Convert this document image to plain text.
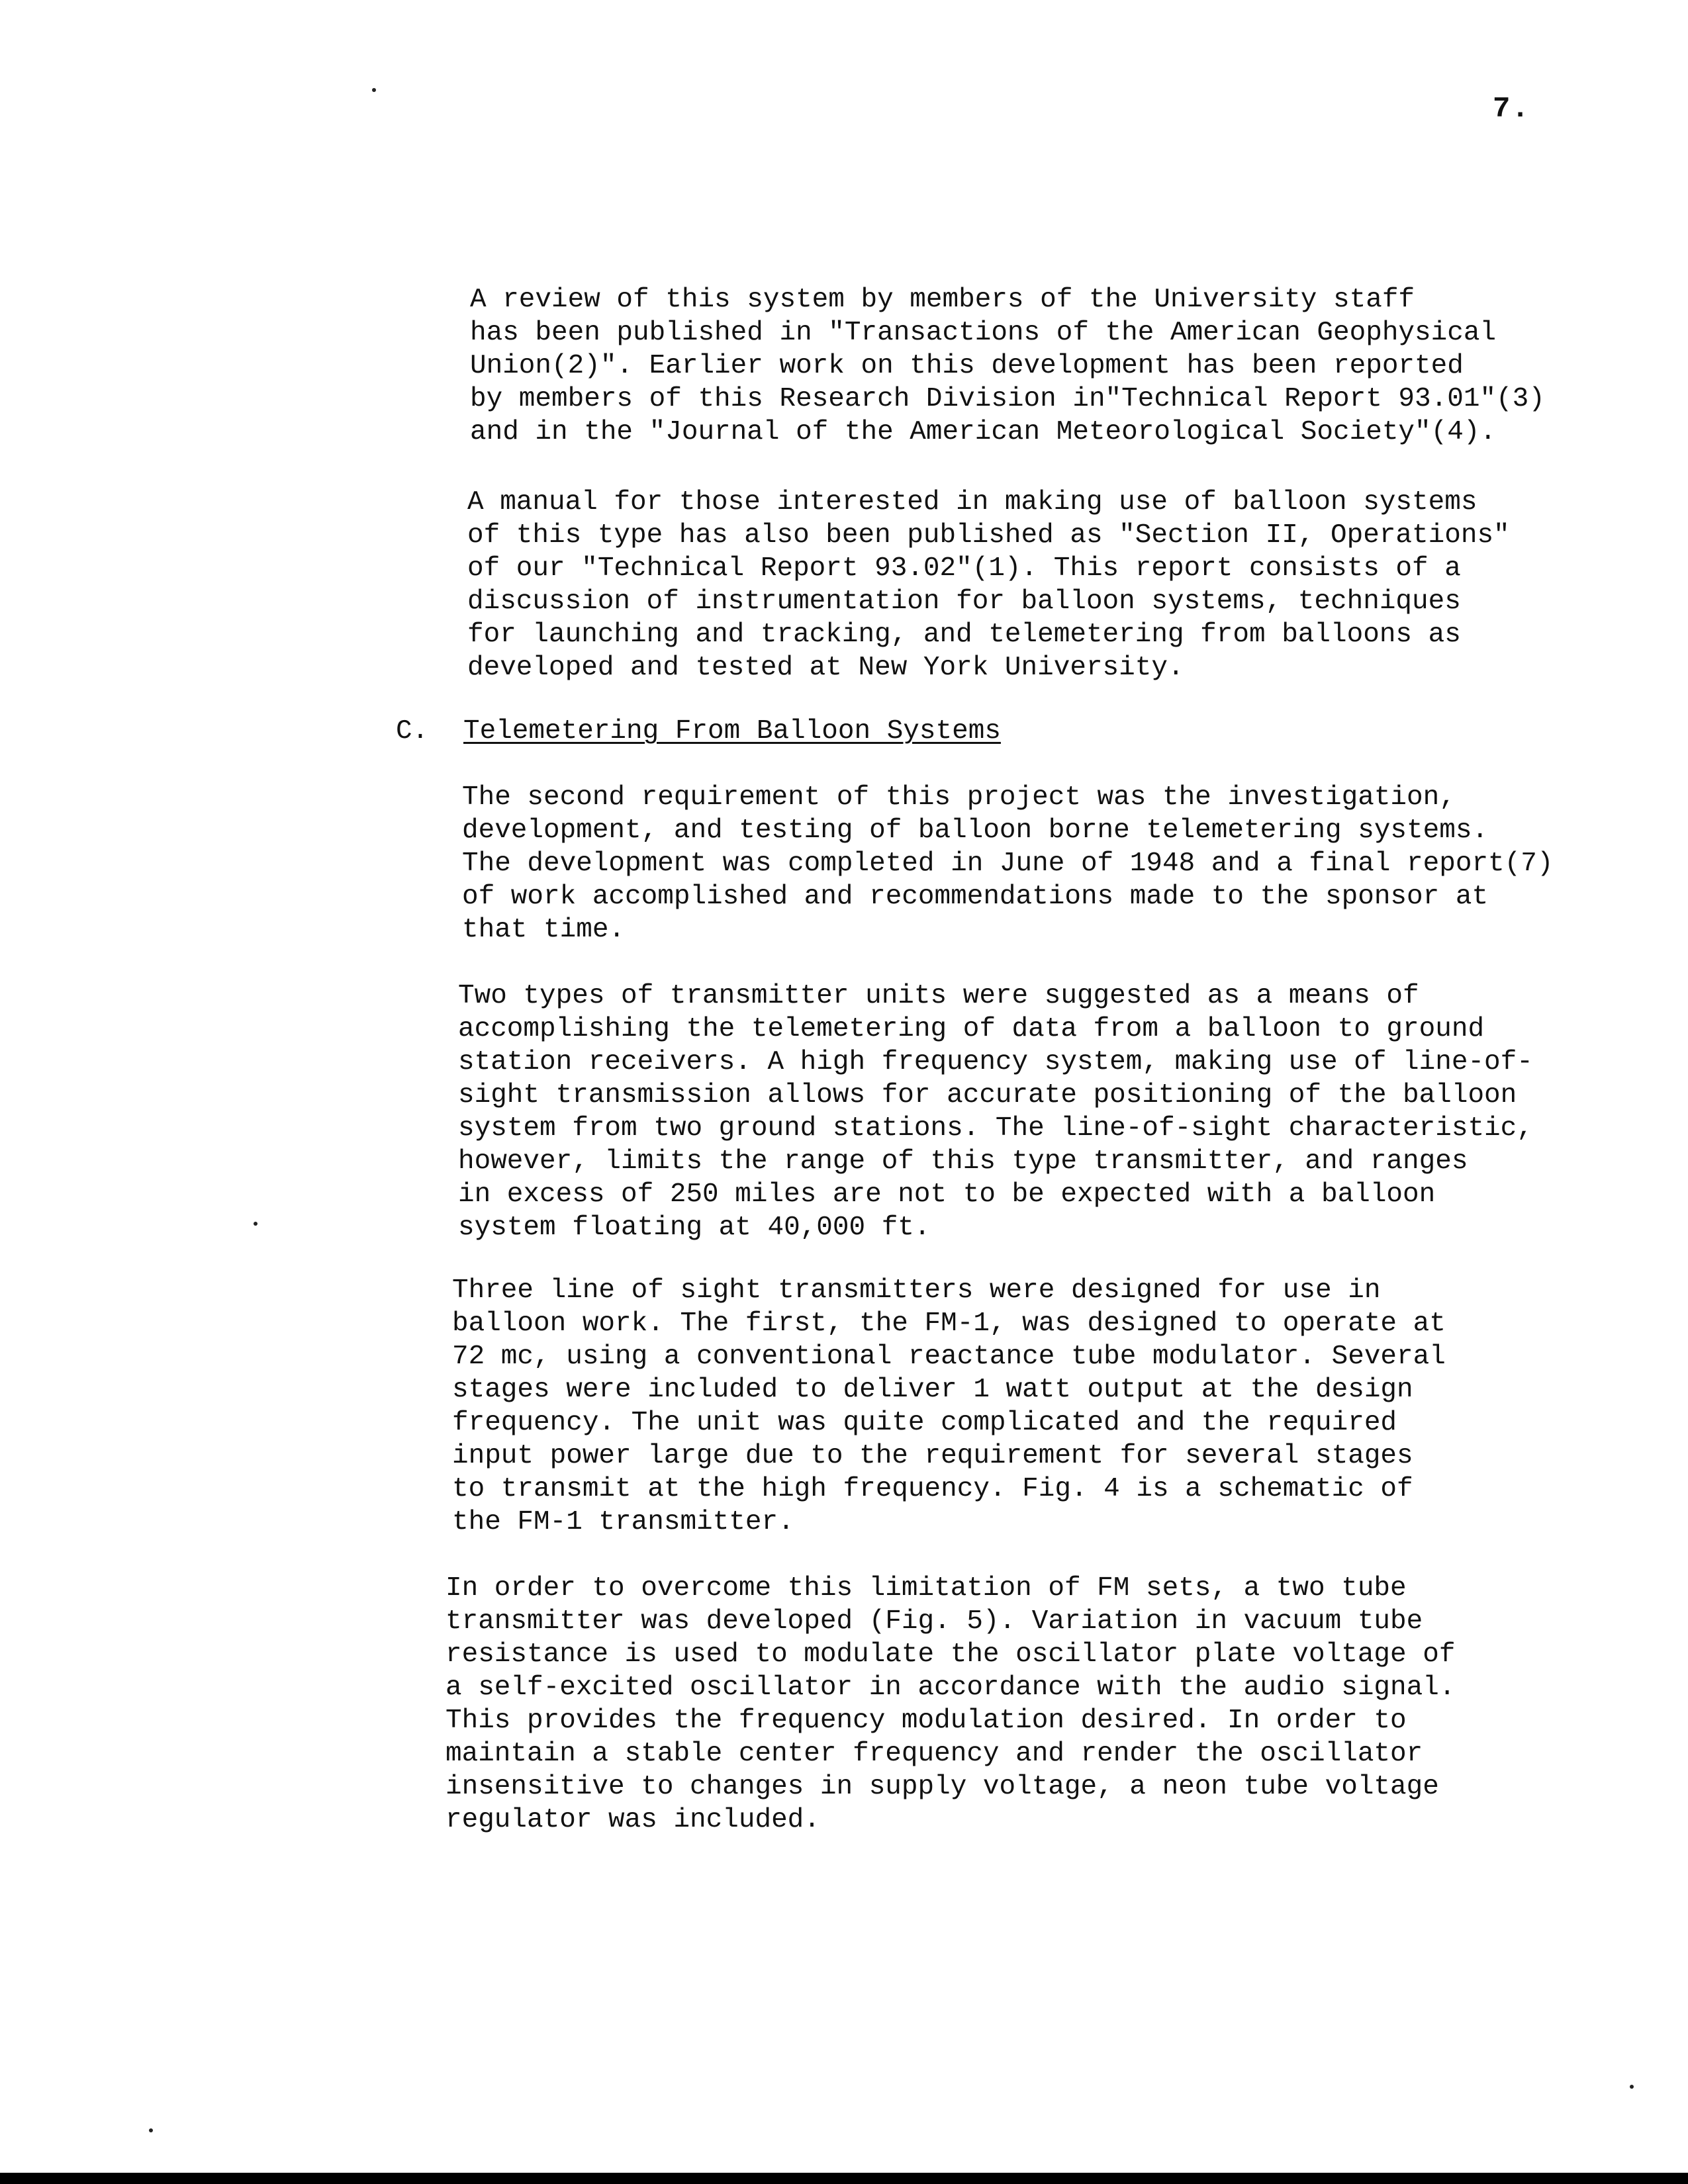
7.

A review of this system by members of the University staff
has been published in "Transactions of the American Geophysical
Union(2)". Earlier work on this development has been reported
by members of this Research Division in"Technical Report 93.01"(3)
and in the "Journal of the American Meteorological Society"(4).

A manual for those interested in making use of balloon systems
of this type has also been published as "Section II, Operations"
of our "Technical Report 93.02"(1). This report consists of a
discussion of instrumentation for balloon systems, techniques
for launching and tracking, and telemetering from balloons as
developed and tested at New York University.

C. Telemetering From Balloon Systems

The second requirement of this project was the investigation,
development, and testing of balloon borne telemetering systems.
The development was completed in June of 1948 and a final report(7)
of work accomplished and recommendations made to the sponsor at
that time.

Two types of transmitter units were suggested as a means of
accomplishing the telemetering of data from a balloon to ground
station receivers. A high frequency system, making use of line-of-
sight transmission allows for accurate positioning of the balloon
system from two ground stations. The line-of-sight characteristic,
however, limits the range of this type transmitter, and ranges
in excess of 250 miles are not to be expected with a balloon
system floating at 40,000 ft.

Three line of sight transmitters were designed for use in
balloon work. The first, the FM-1, was designed to operate at
72 mc, using a conventional reactance tube modulator. Several
stages were included to deliver 1 watt output at the design
frequency. The unit was quite complicated and the required
input power large due to the requirement for several stages
to transmit at the high frequency. Fig. 4 is a schematic of
the FM-1 transmitter.

In order to overcome this limitation of FM sets, a two tube
transmitter was developed (Fig. 5). Variation in vacuum tube
resistance is used to modulate the oscillator plate voltage of
a self-excited oscillator in accordance with the audio signal.
This provides the frequency modulation desired. In order to
maintain a stable center frequency and render the oscillator
insensitive to changes in supply voltage, a neon tube voltage
regulator was included.
